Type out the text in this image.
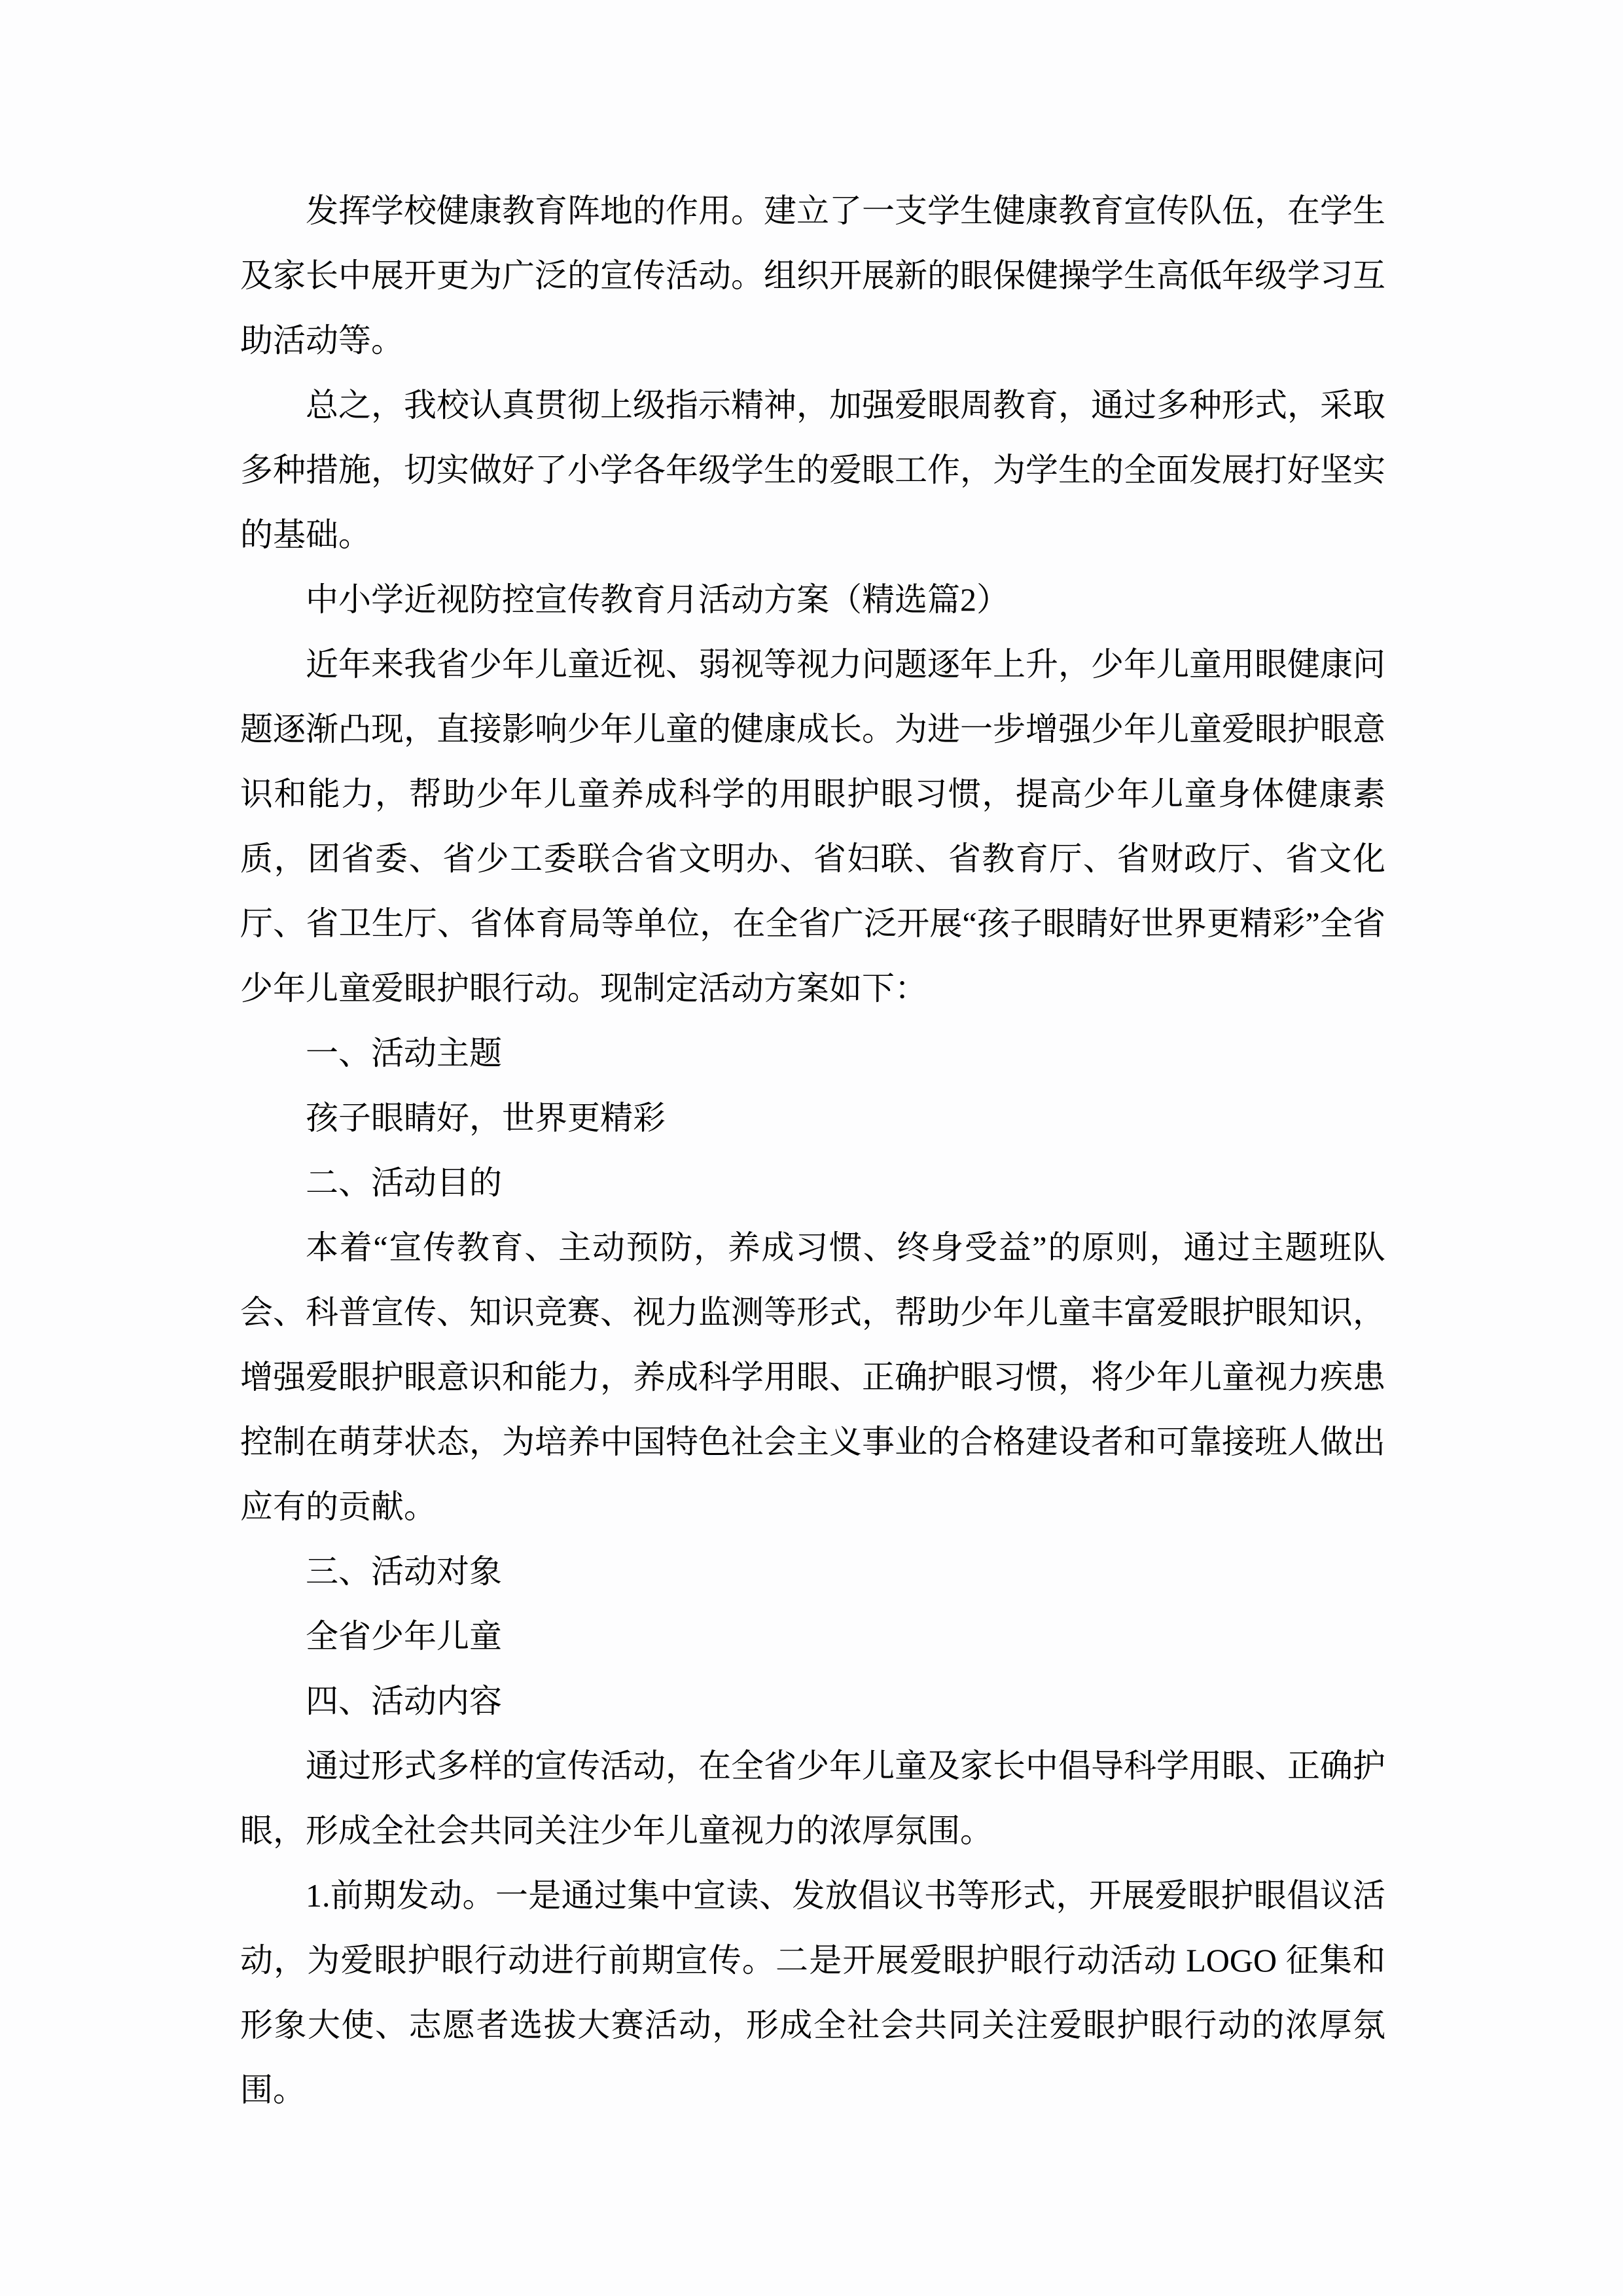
发挥学校健康教育阵地的作用。建立了一支学生健康教育宣传队伍，在学生及家长中展开更为广泛的宣传活动。组织开展新的眼保健操学生高低年级学习互助活动等。

总之，我校认真贯彻上级指示精神，加强爱眼周教育，通过多种形式，采取多种措施，切实做好了小学各年级学生的爱眼工作，为学生的全面发展打好坚实的基础。

中小学近视防控宣传教育月活动方案（精选篇2）

近年来我省少年儿童近视、弱视等视力问题逐年上升，少年儿童用眼健康问题逐渐凸现，直接影响少年儿童的健康成长。为进一步增强少年儿童爱眼护眼意识和能力，帮助少年儿童养成科学的用眼护眼习惯，提高少年儿童身体健康素质，团省委、省少工委联合省文明办、省妇联、省教育厅、省财政厅、省文化厅、省卫生厅、省体育局等单位，在全省广泛开展“孩子眼睛好世界更精彩”全省少年儿童爱眼护眼行动。现制定活动方案如下：

一、活动主题

孩子眼睛好，世界更精彩

二、活动目的

本着“宣传教育、主动预防，养成习惯、终身受益”的原则，通过主题班队会、科普宣传、知识竞赛、视力监测等形式，帮助少年儿童丰富爱眼护眼知识，增强爱眼护眼意识和能力，养成科学用眼、正确护眼习惯，将少年儿童视力疾患控制在萌芽状态，为培养中国特色社会主义事业的合格建设者和可靠接班人做出应有的贡献。

三、活动对象

全省少年儿童

四、活动内容

通过形式多样的宣传活动，在全省少年儿童及家长中倡导科学用眼、正确护眼，形成全社会共同关注少年儿童视力的浓厚氛围。

1.前期发动。一是通过集中宣读、发放倡议书等形式，开展爱眼护眼倡议活动，为爱眼护眼行动进行前期宣传。二是开展爱眼护眼行动活动 LOGO 征集和形象大使、志愿者选拔大赛活动，形成全社会共同关注爱眼护眼行动的浓厚氛围。
